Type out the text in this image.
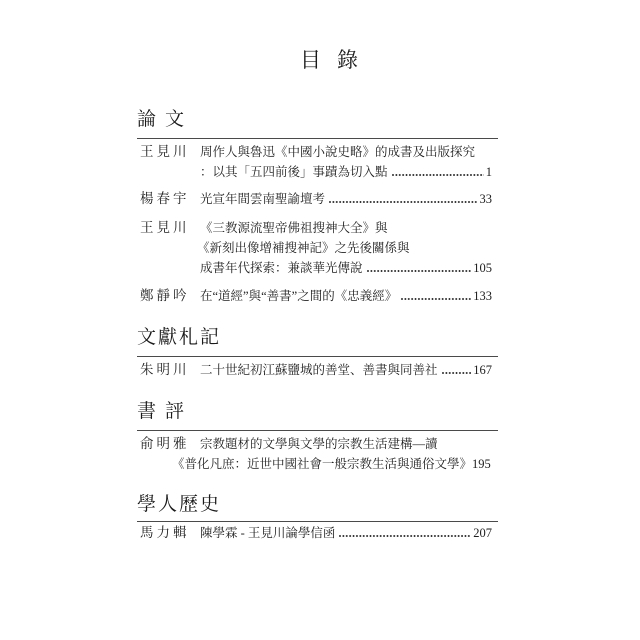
目錄
論文
王見川 周作人與魯迅《中國小說史略》的成書及出版探究
：以其「五四前後」事蹟為切入點	1
楊春宇 光宣年間雲南聖諭壇考	33
王見川 《三教源流聖帝佛祖搜神大全》與
《新刻出像增補搜神記》之先後關係與
成書年代探索：兼談華光傳說	105
鄭靜吟 在“道經”與“善書”之間的《忠義經》	133
文獻札記
朱明川 二十世紀初江蘇鹽城的善堂、善書與同善社	167
書評
俞明雅 宗教題材的文學與文學的宗教生活建構—讀
《普化凡庶：近世中國社會一般宗教生活與通俗文學》195
學人歷史
馬力輯 陳學霖 - 王見川論學信函	207
